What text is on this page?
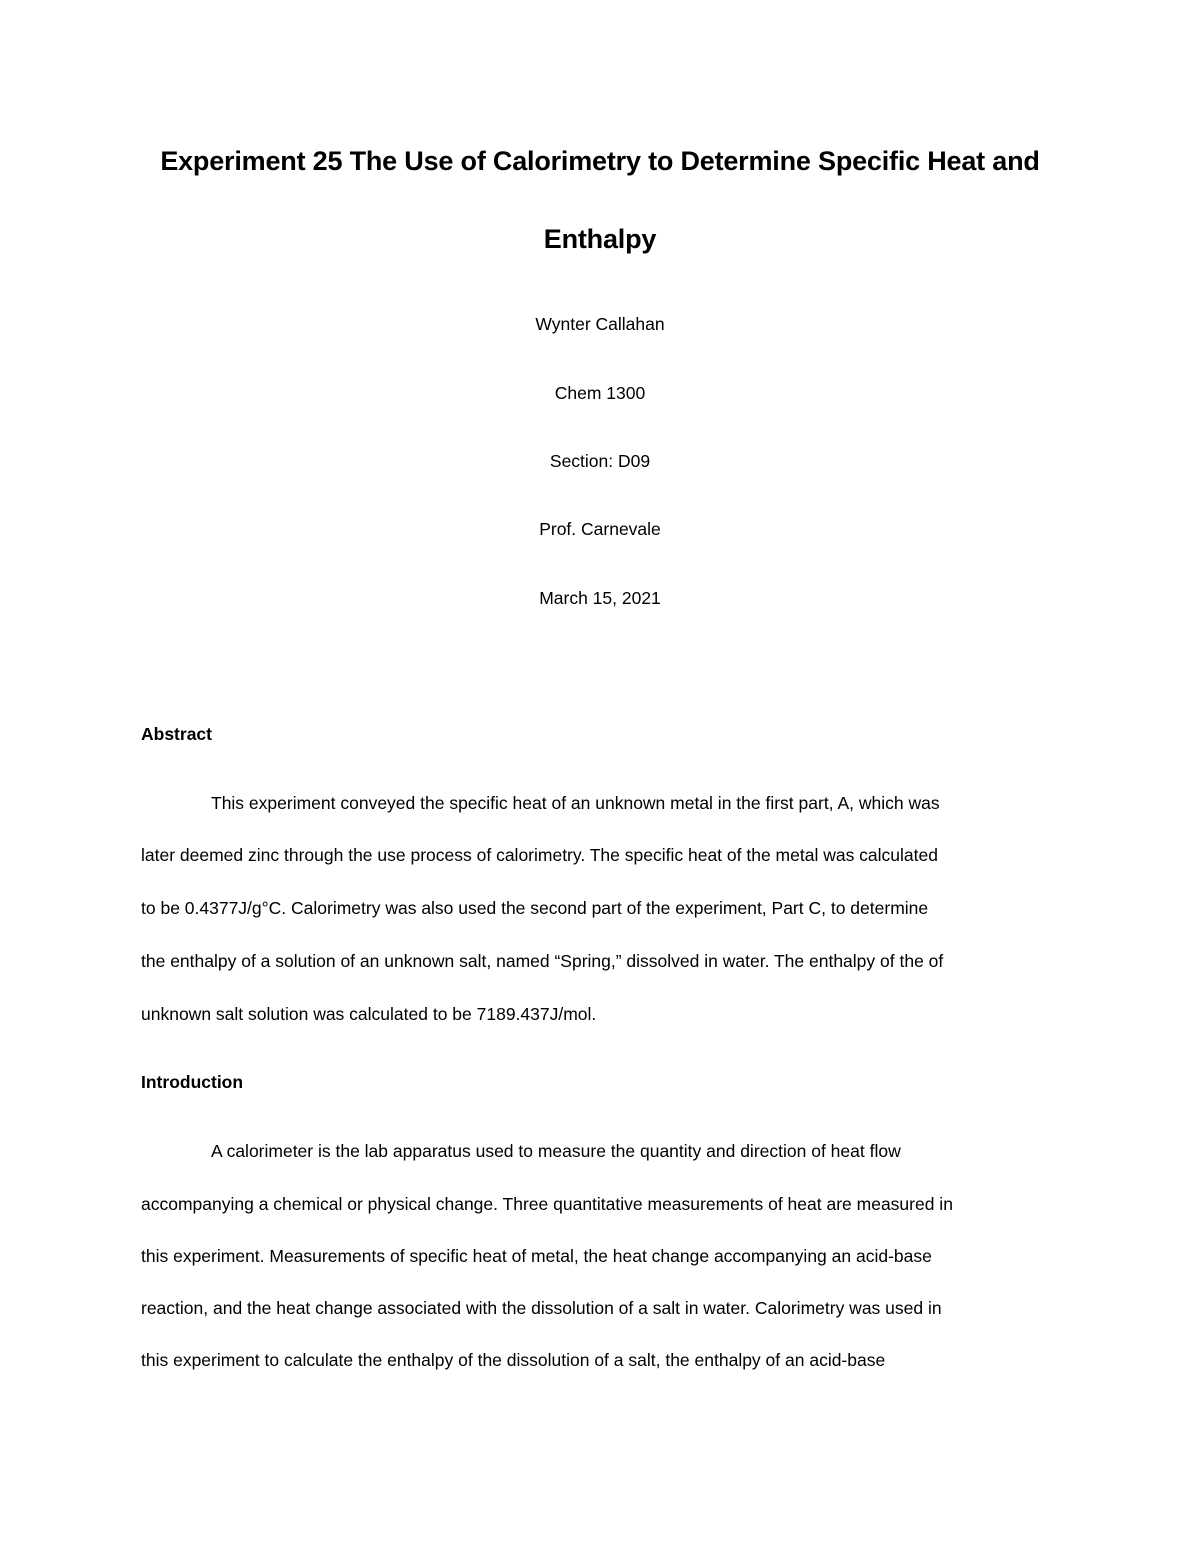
Experiment 25 The Use of Calorimetry to Determine Specific Heat and
Enthalpy
Wynter Callahan
Chem 1300
Section: D09
Prof. Carnevale
March 15, 2021
Abstract
This experiment conveyed the specific heat of an unknown metal in the first part, A, which was
later deemed zinc through the use process of calorimetry. The specific heat of the metal was calculated
to be 0.4377J/g°C. Calorimetry was also used the second part of the experiment, Part C, to determine
the enthalpy of a solution of an unknown salt, named “Spring,” dissolved in water. The enthalpy of the of
unknown salt solution was calculated to be 7189.437J/mol.
Introduction
A calorimeter is the lab apparatus used to measure the quantity and direction of heat flow
accompanying a chemical or physical change. Three quantitative measurements of heat are measured in
this experiment. Measurements of specific heat of metal, the heat change accompanying an acid-base
reaction, and the heat change associated with the dissolution of a salt in water. Calorimetry was used in
this experiment to calculate the enthalpy of the dissolution of a salt, the enthalpy of an acid-base
